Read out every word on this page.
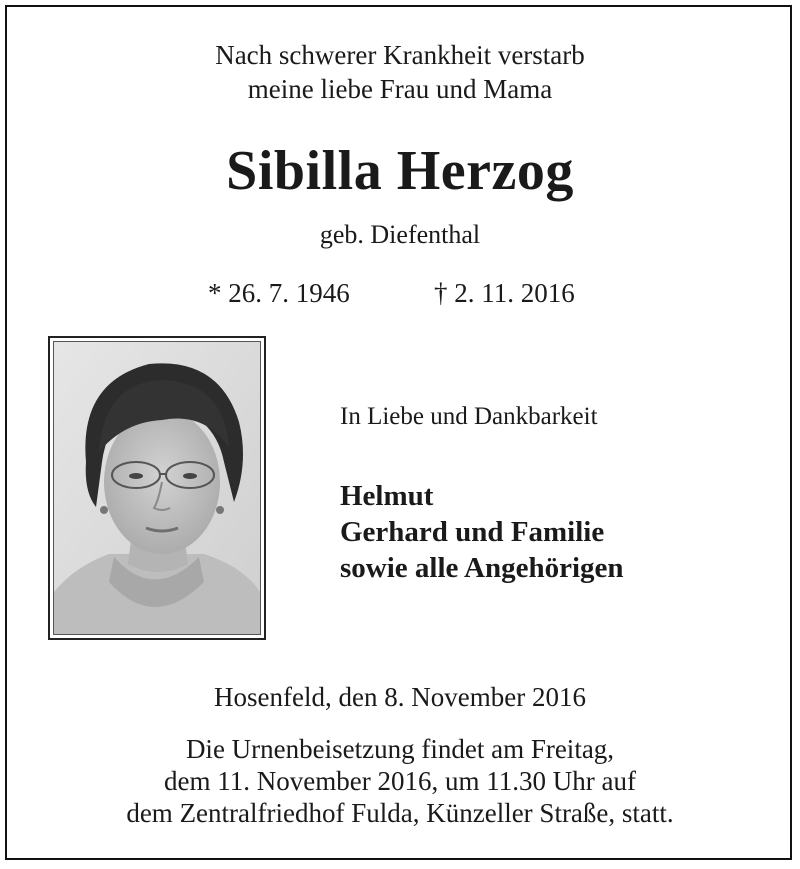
Nach schwerer Krankheit verstarb
meine liebe Frau und Mama
Sibilla Herzog
geb. Diefenthal
* 26. 7. 1946	† 2. 11. 2016
In Liebe und Dankbarkeit
Helmut
Gerhard und Familie
sowie alle Angehörigen
Hosenfeld, den 8. November 2016
Die Urnenbeisetzung findet am Freitag,
dem 11. November 2016, um 11.30 Uhr auf
dem Zentralfriedhof Fulda, Künzeller Straße, statt.
